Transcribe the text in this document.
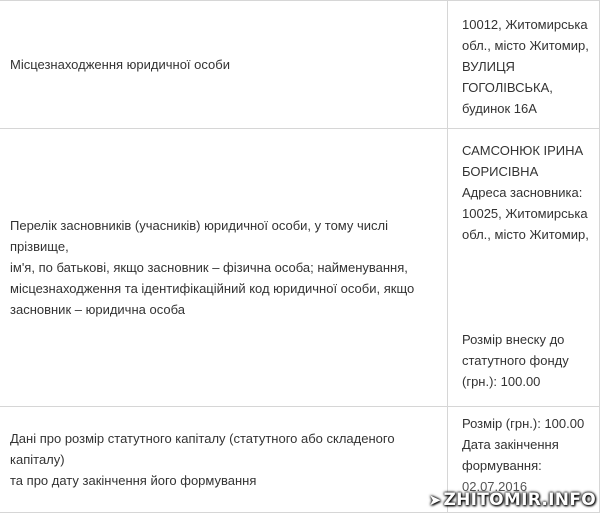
Місцезнаходження юридичної особи
10012, Житомирська
обл., місто Житомир,
ВУЛИЦЯ
ГОГОЛІВСЬКА,
будинок 16А
Перелік засновників (учасників) юридичної особи, у тому числі прізвище,
ім'я, по батькові, якщо засновник – фізична особа; найменування,
місцезнаходження та ідентифікаційний код юридичної особи, якщо
засновник – юридична особа
САМСОНЮК ІРИНА
БОРИСІВНА
Адреса засновника:
10025, Житомирська
обл., місто Житомир,
Розмір внеску до
статутного фонду
(грн.): 100.00
Дані про розмір статутного капіталу (статутного або складеного капіталу)
та про дату закінчення його формування
Розмір (грн.): 100.00
Дата закінчення
формування:
02.07.2016
➤ ZHITOMIR.INFO
